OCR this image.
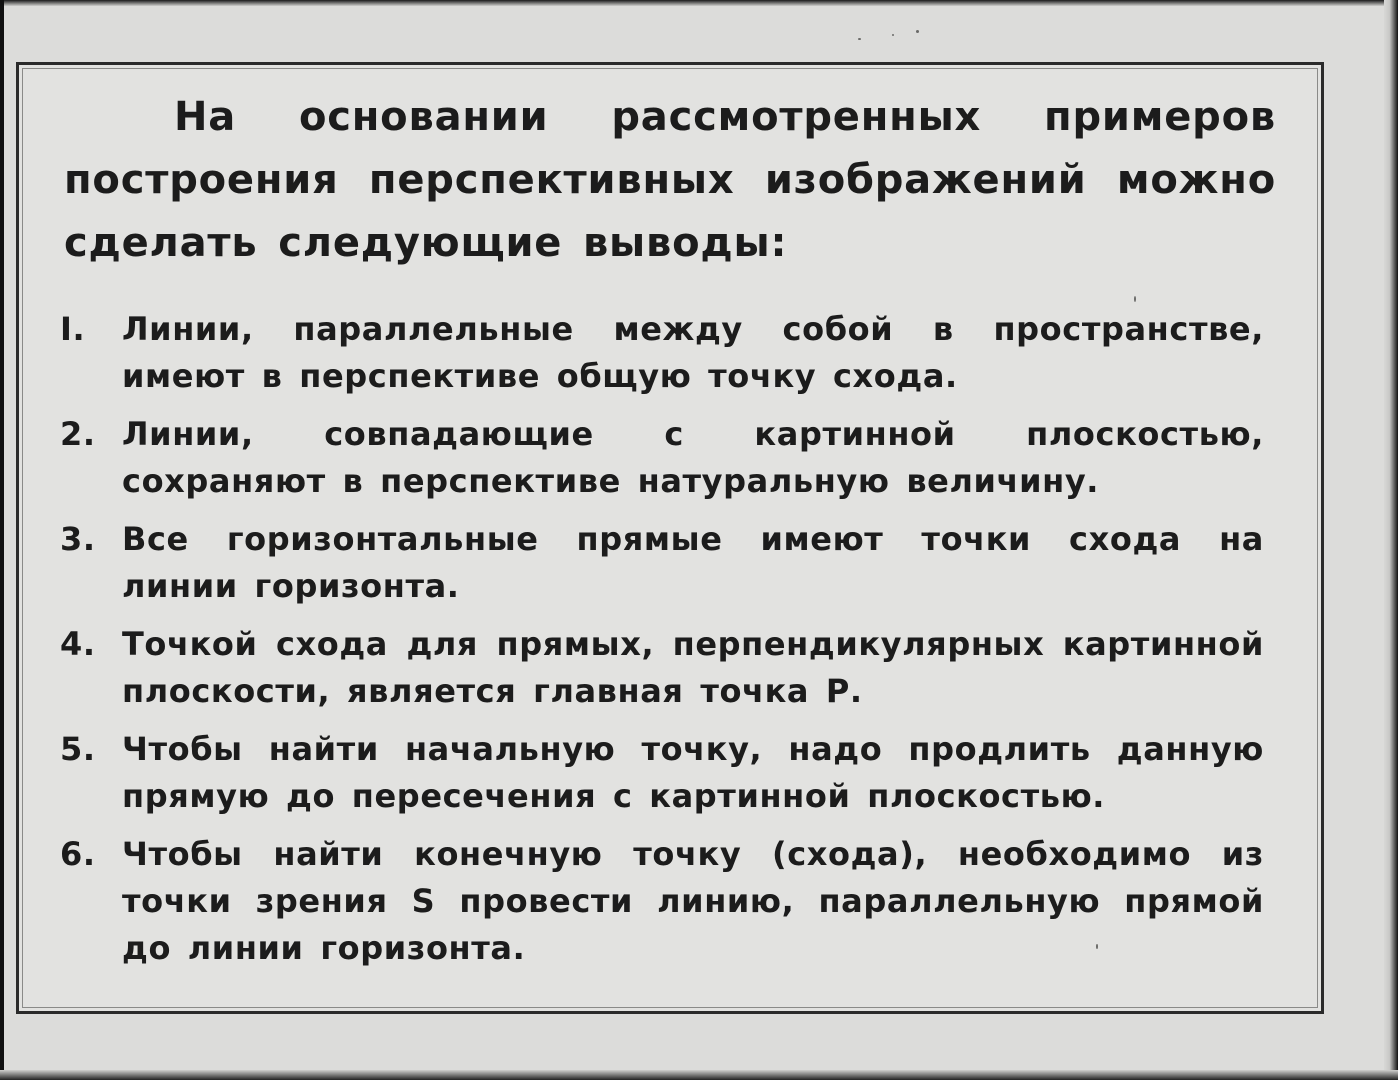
На основании рассмотренных примеров построения перспективных изображений можно сделать следующие выводы:
I.	Линии, параллельные между собой в пространстве, имеют в перспективе общую точку схода.
2. Линии, совпадающие с картинной плоскостью, сохраняют в перспективе натуральную величину.
3. Все горизонтальные прямые имеют точки схода на линии горизонта.
4. Точкой схода для прямых, перпендикулярных картинной плоскости, является главная точка Р.
5. Чтобы найти начальную точку, надо продлить данную прямую до пересечения с картинной плоскостью.
6. Чтобы найти конечную точку (схода), необходимо из точки зрения S провести линию, параллельную прямой до линии горизонта.
